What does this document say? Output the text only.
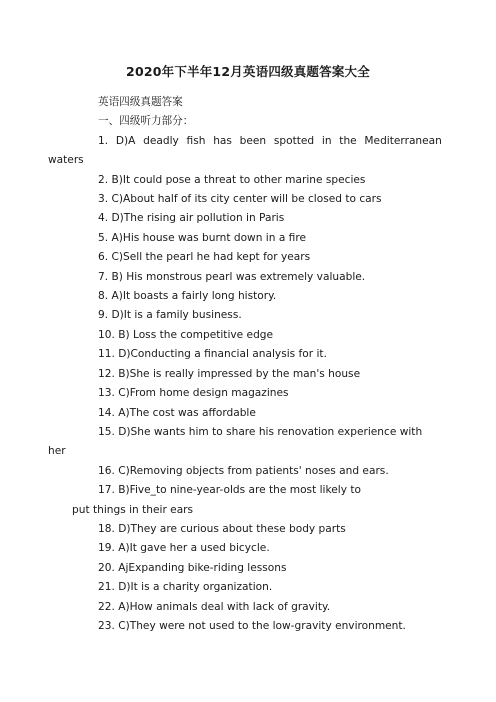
2020年下半年12月英语四级真题答案大全
英语四级真题答案
一、四级听力部分：
1. D)A deadly fish has been spotted in the Mediterranean
waters
2. B)It could pose a threat to other marine species
3. C)About half of its city center will be closed to cars
4. D)The rising air pollution in Paris
5. A)His house was burnt down in a fire
6. C)Sell the pearl he had kept for years
7. B) His monstrous pearl was extremely valuable.
8. A)It boasts a fairly long history.
9. D)It is a family business.
10. B) Loss the competitive edge
11. D)Conducting a financial analysis for it.
12. B)She is really impressed by the man's house
13. C)From home design magazines
14. A)The cost was affordable
15. D)She wants him to share his renovation experience with
her
16. C)Removing objects from patients' noses and ears.
17. B)Five_to nine-year-olds are the most likely to
put things in their ears
18. D)They are curious about these body parts
19. A)It gave her a used bicycle.
20. AjExpanding bike-riding lessons
21. D)It is a charity organization.
22. A)How animals deal with lack of gravity.
23. C)They were not used to the low-gravity environment.
